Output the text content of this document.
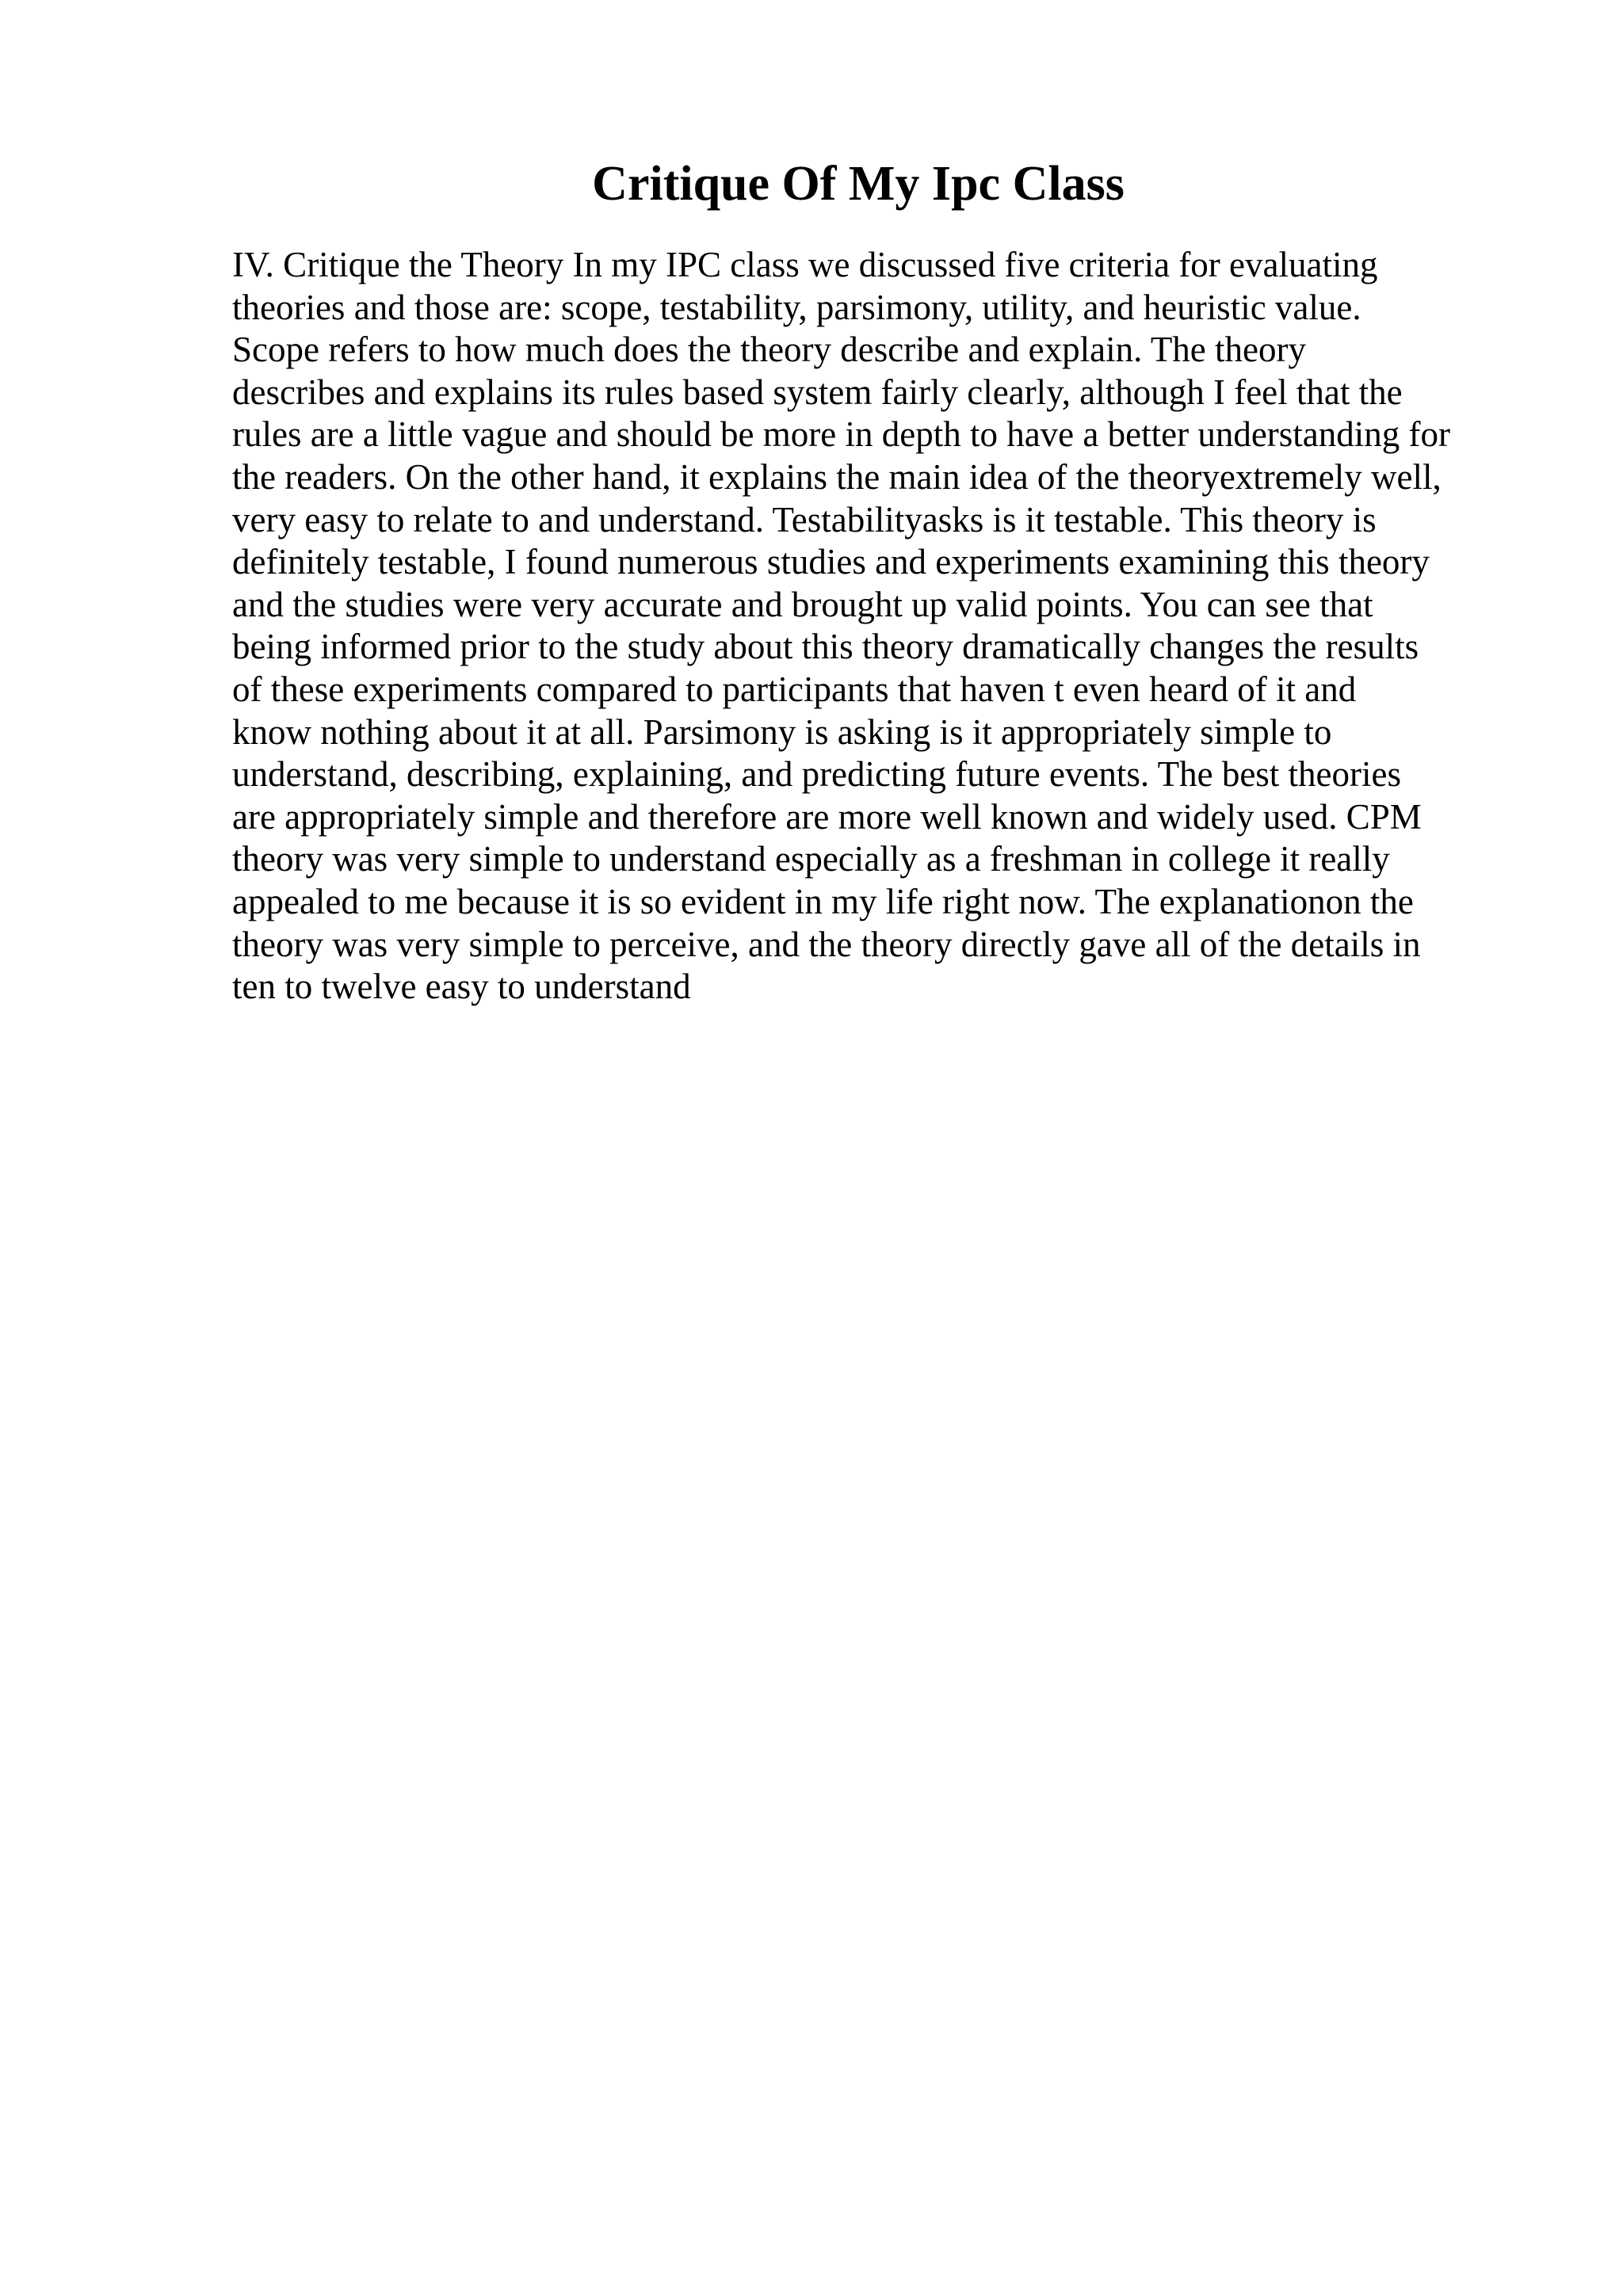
Critique Of My Ipc Class
IV. Critique the Theory In my IPC class we discussed five criteria for evaluating
theories and those are: scope, testability, parsimony, utility, and heuristic value.
Scope refers to how much does the theory describe and explain. The theory
describes and explains its rules based system fairly clearly, although I feel that the
rules are a little vague and should be more in depth to have a better understanding for
the readers. On the other hand, it explains the main idea of the theoryextremely well,
very easy to relate to and understand. Testabilityasks is it testable. This theory is
definitely testable, I found numerous studies and experiments examining this theory
and the studies were very accurate and brought up valid points. You can see that
being informed prior to the study about this theory dramatically changes the results
of these experiments compared to participants that haven t even heard of it and
know nothing about it at all. Parsimony is asking is it appropriately simple to
understand, describing, explaining, and predicting future events. The best theories
are appropriately simple and therefore are more well known and widely used. CPM
theory was very simple to understand especially as a freshman in college it really
appealed to me because it is so evident in my life right now. The explanationon the
theory was very simple to perceive, and the theory directly gave all of the details in
ten to twelve easy to understand
